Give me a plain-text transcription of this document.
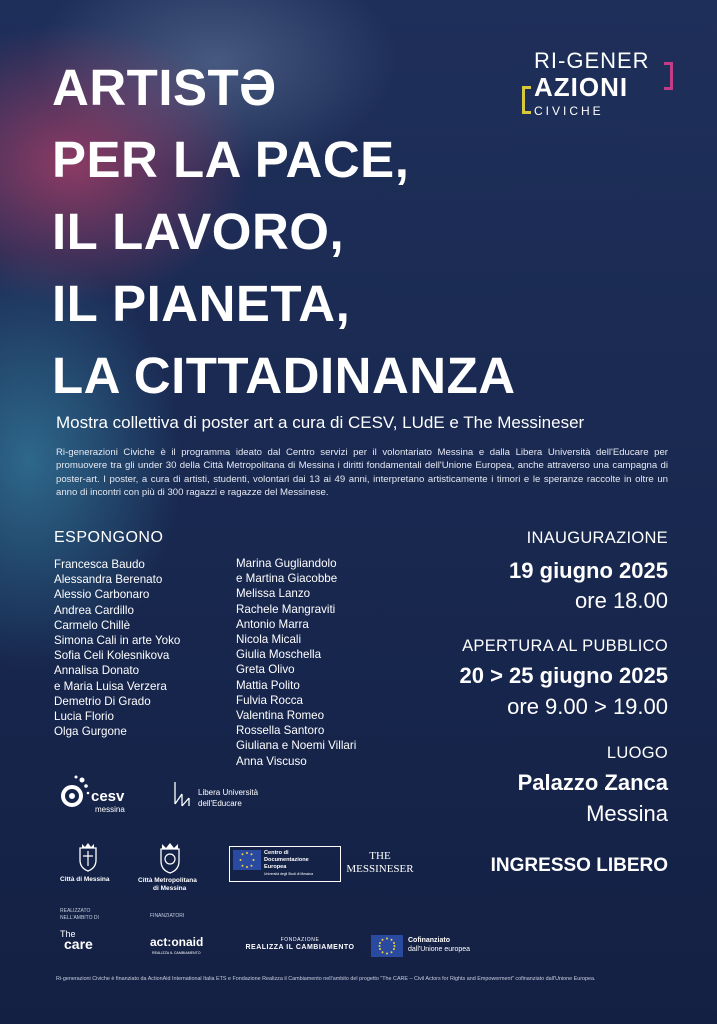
RI-GENER
AZIONI
CIVICHE
ARTISTƏ
PER LA PACE,
IL LAVORO,
IL PIANETA,
LA CITTADINANZA
Mostra collettiva di poster art a cura di CESV, LUdE e The Messineser

Ri-generazioni Civiche è il programma ideato dal Centro servizi per il volontariato Messina e dalla Libera Università dell'Educare per promuovere tra gli under 30 della Città Metropolitana di Messina i diritti fondamentali dell'Unione Europea, anche attraverso una campagna di poster-art. I poster, a cura di artisti, studenti, volontari dai 13 ai 49 anni, interpretano artisticamente i timori e le speranze raccolte in oltre un anno di incontri con più di 300 ragazzi e ragazze del Messinese.

ESPONGONO
Francesca Baudo
Alessandra Berenato
Alessio Carbonaro
Andrea Cardillo
Carmelo Chillè
Simona Cali in arte Yoko
Sofia Celi Kolesnikova
Annalisa Donato
e Maria Luisa Verzera
Demetrio Di Grado
Lucia Florio
Olga Gurgone
Marina Gugliandolo
e Martina Giacobbe
Melissa Lanzo
Rachele Mangraviti
Antonio Marra
Nicola Micali
Giulia Moschella
Greta Olivo
Mattia Polito
Fulvia Rocca
Valentina Romeo
Rossella Santoro
Giuliana e Noemi Villari
Anna Viscuso
INAUGURAZIONE
19 giugno 2025
ore 18.00
APERTURA AL PUBBLICO
20 > 25 giugno 2025
ore 9.00 > 19.00
LUOGO
Palazzo Zanca
Messina
INGRESSO LIBERO
cesv
messina
Libera Università
dell'Educare
Città di Messina	Città Metropolitana
di Messina
Centro di
Documentazione
Europea
Università degli Studi di Messina
THE
MESSINESER
REALIZZATO
NELL'AMBITO DI	FINANZIATORI
The
care	act:onaid
REALIZZA IL CAMBIAMENTO
FONDAZIONE
REALIZZA IL CAMBIAMENTO
Cofinanziato
dall'Unione europea
Ri-generazioni Civiche è finanziato da ActionAid International Italia ETS e Fondazione Realizza il Cambiamento nell'ambito del progetto "The CARE – Civil Actors for Rights and Empowerment" cofinanziato dall'Unione Europea.
